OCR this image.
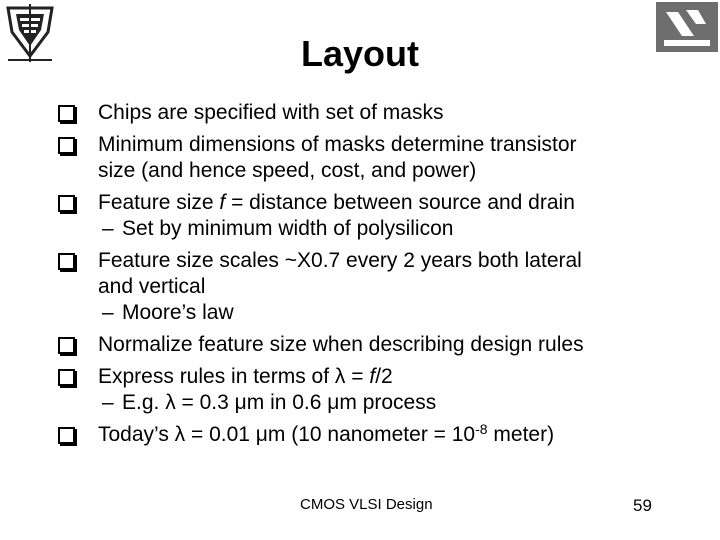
Layout
Chips are specified with set of masks
Minimum dimensions of masks determine transistor
size (and hence speed, cost, and power)
Feature size f = distance between source and drain
– Set by minimum width of polysilicon
Feature size scales ~X0.7 every 2 years both lateral
and vertical
– Moore’s law
Normalize feature size when describing design rules
Express rules in terms of λ = f/2
– E.g. λ = 0.3 μm in 0.6 μm process
Today’s λ = 0.01 μm (10 nanometer = $10^{-8}$ meter)
CMOS VLSI Design	59
